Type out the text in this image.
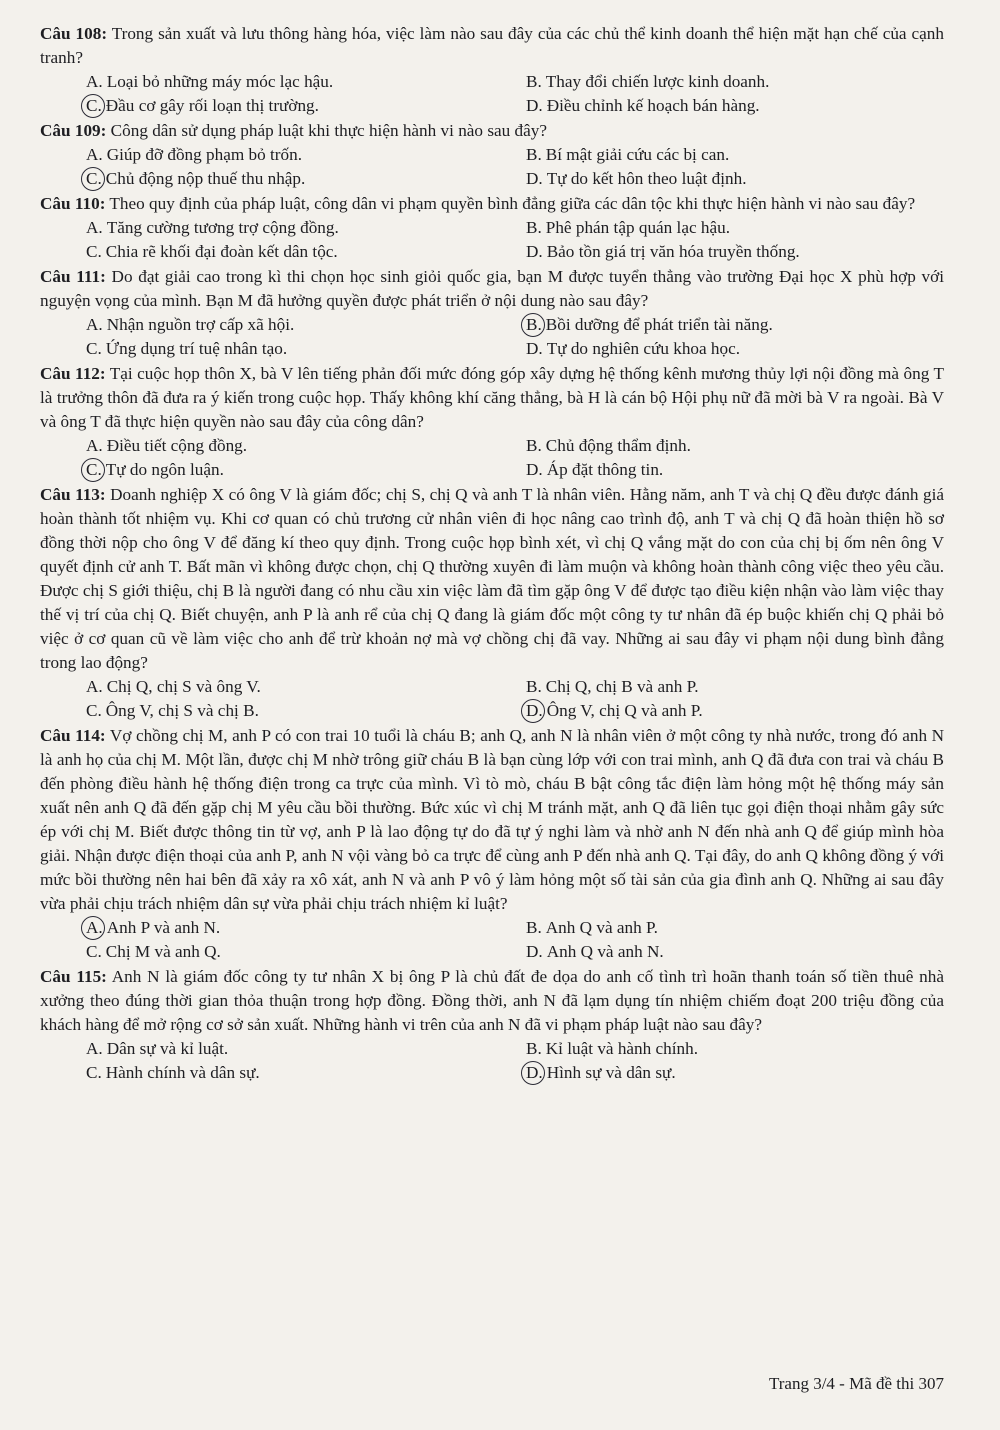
Câu 108: Trong sản xuất và lưu thông hàng hóa, việc làm nào sau đây của các chủ thể kinh doanh thể hiện mặt hạn chế của cạnh tranh?
A. Loại bỏ những máy móc lạc hậu.	B. Thay đổi chiến lược kinh doanh.
C. Đầu cơ gây rối loạn thị trường.	D. Điều chỉnh kế hoạch bán hàng.
Câu 109: Công dân sử dụng pháp luật khi thực hiện hành vi nào sau đây?
A. Giúp đỡ đồng phạm bỏ trốn.	B. Bí mật giải cứu các bị can.
C. Chủ động nộp thuế thu nhập.	D. Tự do kết hôn theo luật định.
Câu 110: Theo quy định của pháp luật, công dân vi phạm quyền bình đẳng giữa các dân tộc khi thực hiện hành vi nào sau đây?
A. Tăng cường tương trợ cộng đồng.	B. Phê phán tập quán lạc hậu.
C. Chia rẽ khối đại đoàn kết dân tộc.	D. Bảo tồn giá trị văn hóa truyền thống.
Câu 111: Do đạt giải cao trong kì thi chọn học sinh giỏi quốc gia, bạn M được tuyển thẳng vào trường Đại học X phù hợp với nguyện vọng của mình. Bạn M đã hưởng quyền được phát triển ở nội dung nào sau đây?
A. Nhận nguồn trợ cấp xã hội.	B. Bồi dưỡng để phát triển tài năng.
C. Ứng dụng trí tuệ nhân tạo.	D. Tự do nghiên cứu khoa học.
Câu 112: Tại cuộc họp thôn X, bà V lên tiếng phản đối mức đóng góp xây dựng hệ thống kênh mương thủy lợi nội đồng mà ông T là trưởng thôn đã đưa ra ý kiến trong cuộc họp. Thấy không khí căng thẳng, bà H là cán bộ Hội phụ nữ đã mời bà V ra ngoài. Bà V và ông T đã thực hiện quyền nào sau đây của công dân?
A. Điều tiết cộng đồng.	B. Chủ động thẩm định.
C. Tự do ngôn luận.	D. Áp đặt thông tin.
Câu 113: Doanh nghiệp X có ông V là giám đốc; chị S, chị Q và anh T là nhân viên. Hằng năm, anh T và chị Q đều được đánh giá hoàn thành tốt nhiệm vụ. Khi cơ quan có chủ trương cử nhân viên đi học nâng cao trình độ, anh T và chị Q đã hoàn thiện hồ sơ đồng thời nộp cho ông V để đăng kí theo quy định. Trong cuộc họp bình xét, vì chị Q vắng mặt do con của chị bị ốm nên ông V quyết định cử anh T. Bất mãn vì không được chọn, chị Q thường xuyên đi làm muộn và không hoàn thành công việc theo yêu cầu. Được chị S giới thiệu, chị B là người đang có nhu cầu xin việc làm đã tìm gặp ông V để được tạo điều kiện nhận vào làm việc thay thế vị trí của chị Q. Biết chuyện, anh P là anh rể của chị Q đang là giám đốc một công ty tư nhân đã ép buộc khiến chị Q phải bỏ việc ở cơ quan cũ về làm việc cho anh để trừ khoản nợ mà vợ chồng chị đã vay. Những ai sau đây vi phạm nội dung bình đẳng trong lao động?
A. Chị Q, chị S và ông V.	B. Chị Q, chị B và anh P.
C. Ông V, chị S và chị B.	D. Ông V, chị Q và anh P.
Câu 114: Vợ chồng chị M, anh P có con trai 10 tuổi là cháu B; anh Q, anh N là nhân viên ở một công ty nhà nước, trong đó anh N là anh họ của chị M. Một lần, được chị M nhờ trông giữ cháu B là bạn cùng lớp với con trai mình, anh Q đã đưa con trai và cháu B đến phòng điều hành hệ thống điện trong ca trực của mình. Vì tò mò, cháu B bật công tắc điện làm hỏng một hệ thống máy sản xuất nên anh Q đã đến gặp chị M yêu cầu bồi thường. Bức xúc vì chị M tránh mặt, anh Q đã liên tục gọi điện thoại nhằm gây sức ép với chị M. Biết được thông tin từ vợ, anh P là lao động tự do đã tự ý nghi làm và nhờ anh N đến nhà anh Q để giúp mình hòa giải. Nhận được điện thoại của anh P, anh N vội vàng bỏ ca trực để cùng anh P đến nhà anh Q. Tại đây, do anh Q không đồng ý với mức bồi thường nên hai bên đã xảy ra xô xát, anh N và anh P vô ý làm hỏng một số tài sản của gia đình anh Q. Những ai sau đây vừa phải chịu trách nhiệm dân sự vừa phải chịu trách nhiệm kỉ luật?
A. Anh P và anh N.	B. Anh Q và anh P.
C. Chị M và anh Q.	D. Anh Q và anh N.
Câu 115: Anh N là giám đốc công ty tư nhân X bị ông P là chủ đất đe dọa do anh cố tình trì hoãn thanh toán số tiền thuê nhà xưởng theo đúng thời gian thỏa thuận trong hợp đồng. Đồng thời, anh N đã lạm dụng tín nhiệm chiếm đoạt 200 triệu đồng của khách hàng để mở rộng cơ sở sản xuất. Những hành vi trên của anh N đã vi phạm pháp luật nào sau đây?
A. Dân sự và kỉ luật.	B. Kỉ luật và hành chính.
C. Hành chính và dân sự.	D. Hình sự và dân sự.
Trang 3/4 - Mã đề thi 307
